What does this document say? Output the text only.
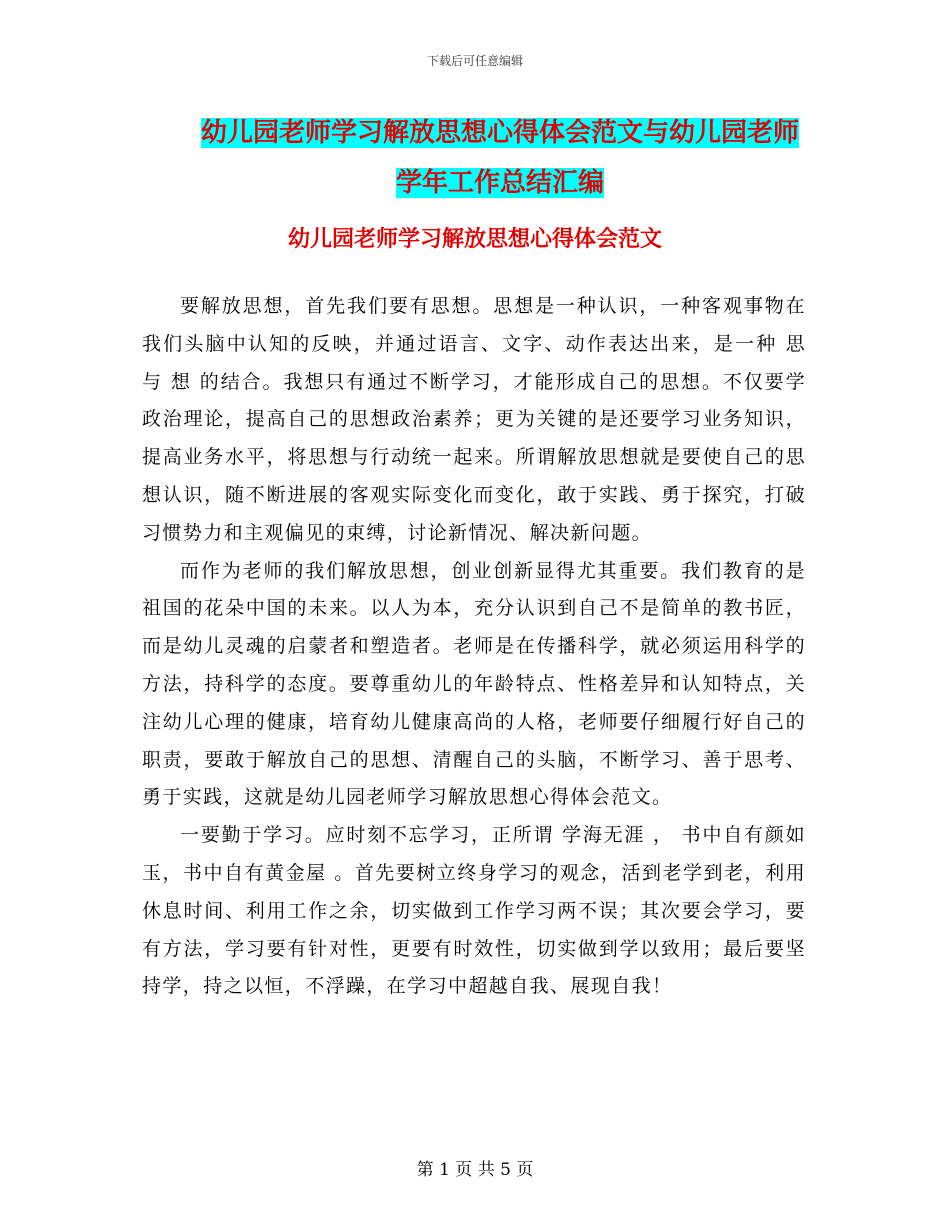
下载后可任意编辑
幼儿园老师学习解放思想心得体会范文与幼儿园老师
学年工作总结汇编
幼儿园老师学习解放思想心得体会范文

要解放思想，首先我们要有思想。思想是一种认识，一种客观事物在我们头脑中认知的反映，并通过语言、文字、动作表达出来，是一种 思 与 想 的结合。我想只有通过不断学习，才能形成自己的思想。不仅要学政治理论，提高自己的思想政治素养；更为关键的是还要学习业务知识，提高业务水平，将思想与行动统一起来。所谓解放思想就是要使自己的思想认识，随不断进展的客观实际变化而变化，敢于实践、勇于探究，打破习惯势力和主观偏见的束缚，讨论新情况、解决新问题。

而作为老师的我们解放思想，创业创新显得尤其重要。我们教育的是祖国的花朵中国的未来。以人为本，充分认识到自己不是简单的教书匠，而是幼儿灵魂的启蒙者和塑造者。老师是在传播科学，就必须运用科学的方法，持科学的态度。要尊重幼儿的年龄特点、性格差异和认知特点，关注幼儿心理的健康，培育幼儿健康高尚的人格，老师要仔细履行好自己的职责，要敢于解放自己的思想、清醒自己的头脑，不断学习、善于思考、勇于实践，这就是幼儿园老师学习解放思想心得体会范文。

一要勤于学习。应时刻不忘学习，正所谓 学海无涯 ， 书中自有颜如玉，书中自有黄金屋 。首先要树立终身学习的观念，活到老学到老，利用休息时间、利用工作之余，切实做到工作学习两不误；其次要会学习，要有方法，学习要有针对性，更要有时效性，切实做到学以致用；最后要坚持学，持之以恒，不浮躁，在学习中超越自我、展现自我！

第 1 页 共 5 页
